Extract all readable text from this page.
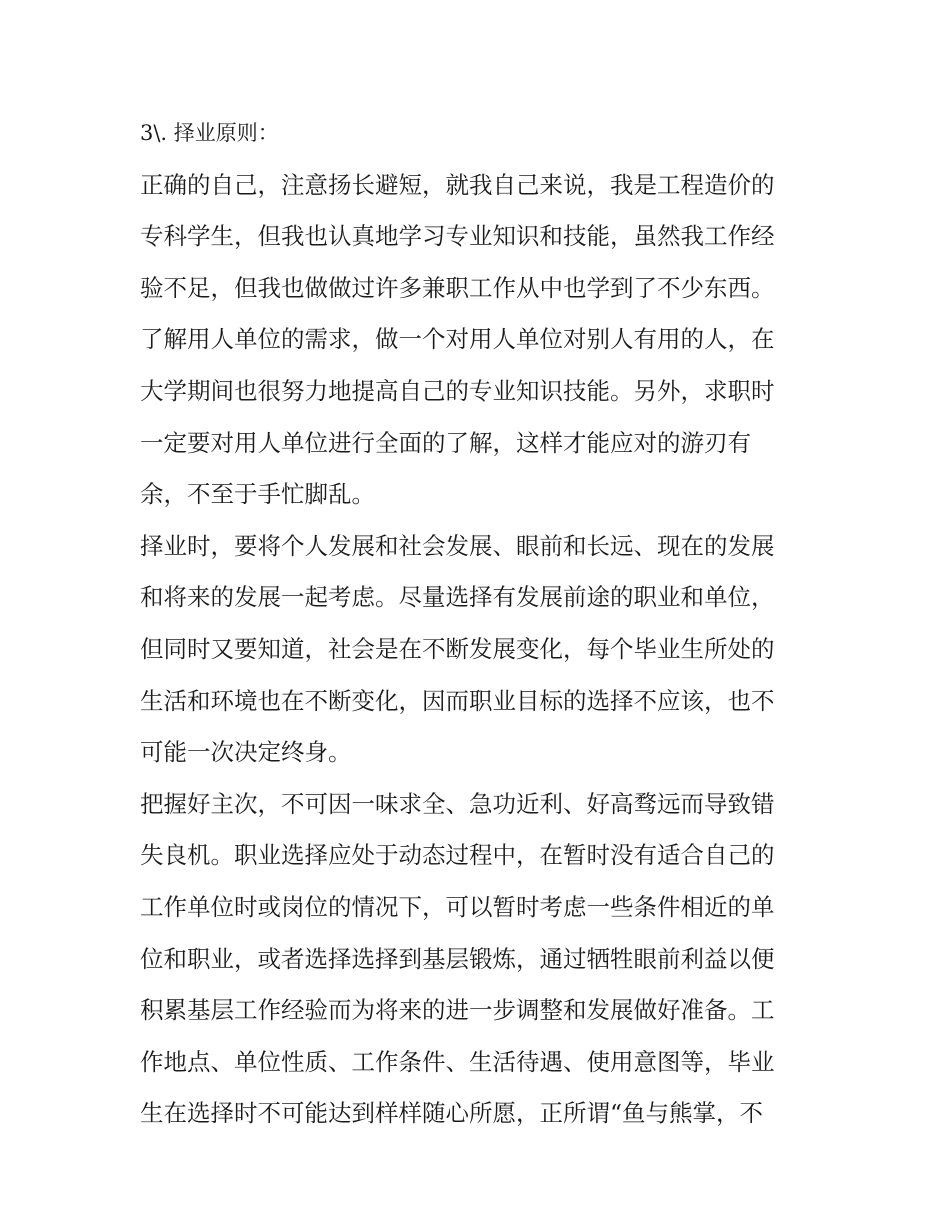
3\. 择业原则：
正确的自己，注意扬长避短，就我自己来说，我是工程造价的
专科学生，但我也认真地学习专业知识和技能，虽然我工作经
验不足，但我也做做过许多兼职工作从中也学到了不少东西。
了解用人单位的需求，做一个对用人单位对别人有用的人，在
大学期间也很努力地提高自己的专业知识技能。另外，求职时
一定要对用人单位进行全面的了解，这样才能应对的游刃有
余，不至于手忙脚乱。
择业时，要将个人发展和社会发展、眼前和长远、现在的发展
和将来的发展一起考虑。尽量选择有发展前途的职业和单位，
但同时又要知道，社会是在不断发展变化，每个毕业生所处的
生活和环境也在不断变化，因而职业目标的选择不应该，也不
可能一次决定终身。
把握好主次，不可因一味求全、急功近利、好高骛远而导致错
失良机。职业选择应处于动态过程中，在暂时没有适合自己的
工作单位时或岗位的情况下，可以暂时考虑一些条件相近的单
位和职业，或者选择选择到基层锻炼，通过牺牲眼前利益以便
积累基层工作经验而为将来的进一步调整和发展做好准备。工
作地点、单位性质、工作条件、生活待遇、使用意图等，毕业
生在选择时不可能达到样样随心所愿，正所谓“鱼与熊掌，不
